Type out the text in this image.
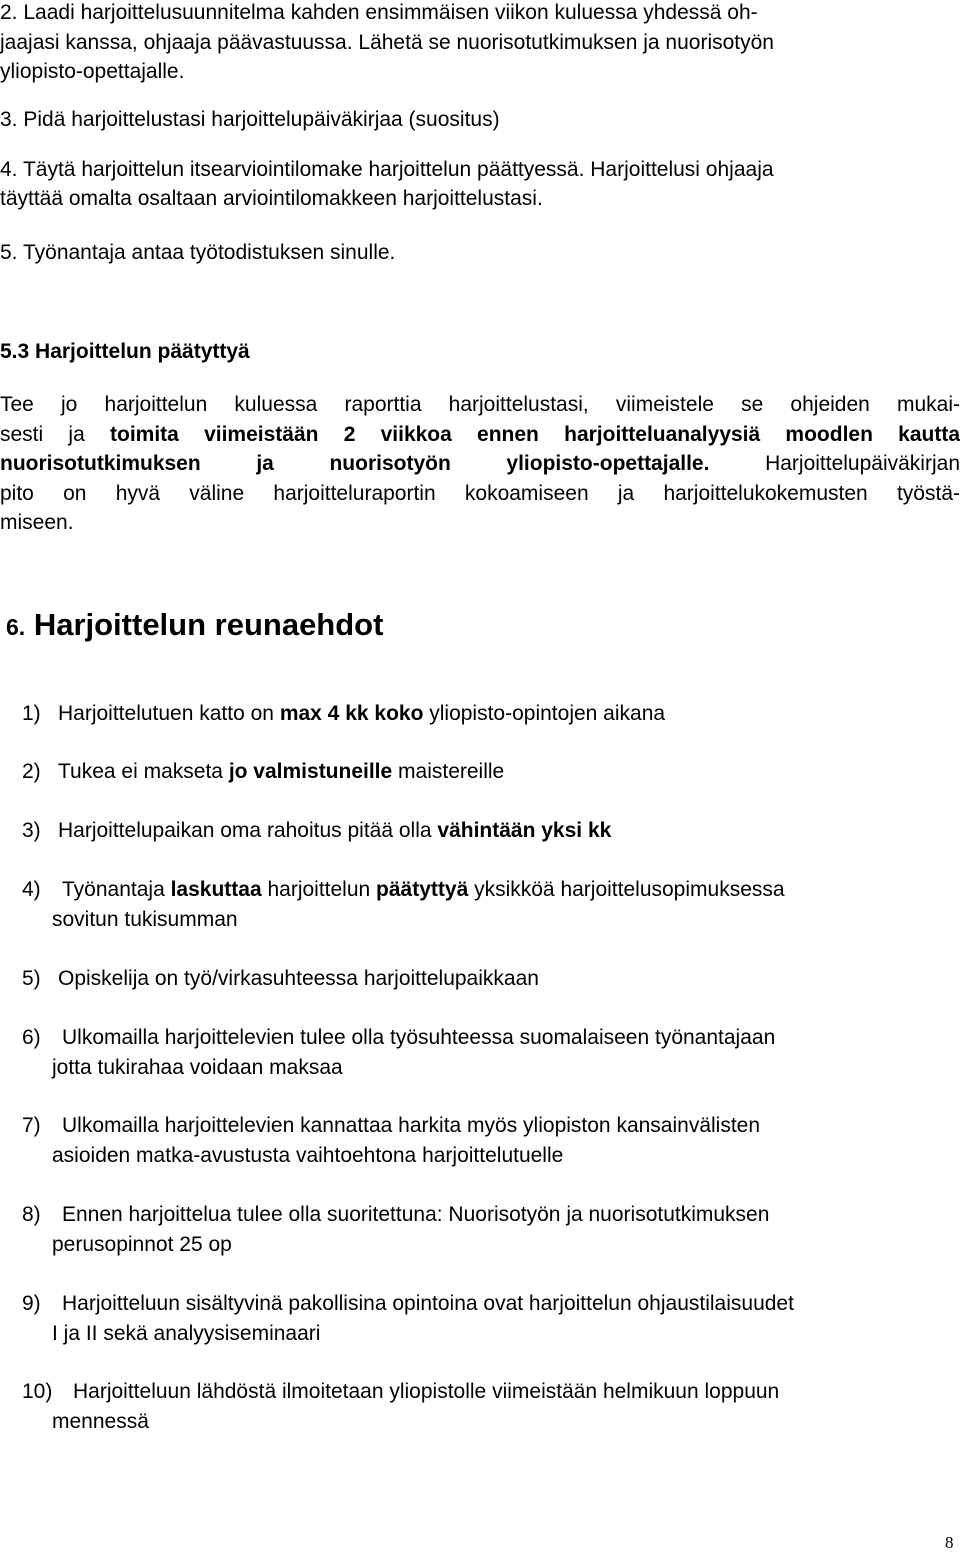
2. Laadi harjoittelusuunnitelma kahden ensimmäisen viikon kuluessa yhdessä oh-
jaajasi kanssa, ohjaaja päävastuussa. Lähetä se nuorisotutkimuksen ja nuorisotyön
yliopisto-opettajalle.
3. Pidä harjoittelustasi harjoittelupäiväkirjaa (suositus)
4. Täytä harjoittelun itsearviointilomake harjoittelun päättyessä. Harjoittelusi ohjaaja
täyttää omalta osaltaan arviointilomakkeen harjoittelustasi.
5. Työnantaja antaa työtodistuksen sinulle.
5.3 Harjoittelun päätyttyä
Tee jo harjoittelun kuluessa raporttia harjoittelustasi, viimeistele se ohjeiden mukai-
sesti ja toimita viimeistään 2 viikkoa ennen harjoitteluanalyysiä moodlen kautta
nuorisotutkimuksen ja nuorisotyön yliopisto-opettajalle. Harjoittelupäiväkirjan
pito on hyvä väline harjoitteluraportin kokoamiseen ja harjoittelukokemusten työstä-
miseen.
6. Harjoittelun reunaehdot
1) Harjoittelutuen katto on max 4 kk koko yliopisto-opintojen aikana
2) Tukea ei makseta jo valmistuneille maistereille
3) Harjoittelupaikan oma rahoitus pitää olla vähintään yksi kk
4) Työnantaja laskuttaa harjoittelun päätyttyä yksikköä harjoittelusopimuksessa
sovitun tukisumman
5) Opiskelija on työ/virkasuhteessa harjoittelupaikkaan
6) Ulkomailla harjoittelevien tulee olla työsuhteessa suomalaiseen työnantajaan
jotta tukirahaa voidaan maksaa
7) Ulkomailla harjoittelevien kannattaa harkita myös yliopiston kansainvälisten
asioiden matka-avustusta vaihtoehtona harjoittelutuelle
8) Ennen harjoittelua tulee olla suoritettuna: Nuorisotyön ja nuorisotutkimuksen
perusopinnot 25 op
9) Harjoitteluun sisältyvinä pakollisina opintoina ovat harjoittelun ohjaustilaisuudet
I ja II sekä analyysiseminaari
10) Harjoitteluun lähdöstä ilmoitetaan yliopistolle viimeistään helmikuun loppuun
mennessä
8
